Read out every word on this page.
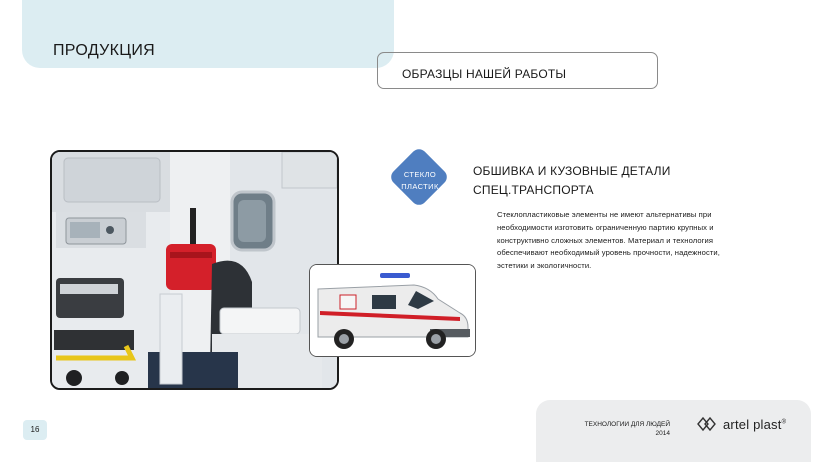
ПРОДУКЦИЯ
ОБРАЗЦЫ НАШЕЙ РАБОТЫ
СТЕКЛО
ПЛАСТИК
ОБШИВКА И КУЗОВНЫЕ ДЕТАЛИ
СПЕЦ.ТРАНСПОРТА
Стеклопластиковые элементы не имеют альтернативы при необходимости изготовить ограниченную партию крупных и конструктивно сложных элементов. Материал и технология обеспечивают необходимый уровень прочности, надежности, эстетики и экологичности.
16
ТЕХНОЛОГИИ ДЛЯ ЛЮДЕЙ
2014
artel plast®
